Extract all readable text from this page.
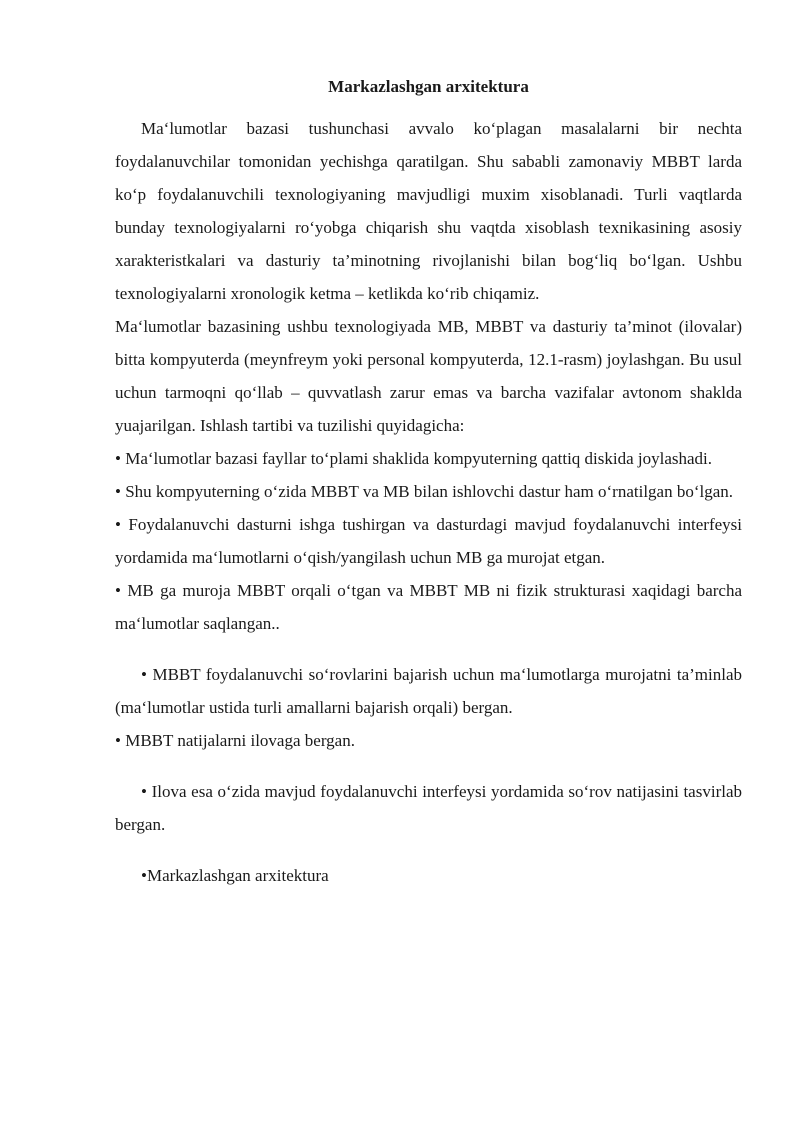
Markazlashgan arxitektura

Ma‘lumotlar bazasi tushunchasi avvalo ko‘plagan masalalarni bir nechta foydalanuvchilar tomonidan yechishga qaratilgan. Shu sababli zamonaviy MBBT larda ko‘p foydalanuvchili texnologiyaning mavjudligi muxim xisoblanadi. Turli vaqtlarda bunday texnologiyalarni ro‘yobga chiqarish shu vaqtda xisoblash texnikasining asosiy xarakteristkalari va dasturiy ta’minotning rivojlanishi bilan bog‘liq bo‘lgan. Ushbu texnologiyalarni xronologik ketma – ketlikda ko‘rib chiqamiz.

Ma‘lumotlar bazasining ushbu texnologiyada MB, MBBT va dasturiy ta’minot (ilovalar) bitta kompyuterda (meynfreym yoki personal kompyuterda, 12.1-rasm) joylashgan. Bu usul uchun tarmoqni qo‘llab – quvvatlash zarur emas va barcha vazifalar avtonom shaklda yuajarilgan. Ishlash tartibi va tuzilishi quyidagicha:

• Ma‘lumotlar bazasi fayllar to‘plami shaklida kompyuterning qattiq diskida joylashadi.

• Shu kompyuterning o‘zida MBBT va MB bilan ishlovchi dastur ham o‘rnatilgan bo‘lgan.

• Foydalanuvchi dasturni ishga tushirgan va dasturdagi mavjud foydalanuvchi interfeysi yordamida ma‘lumotlarni o‘qish/yangilash uchun MB ga murojat etgan.

• MB ga muroja MBBT orqali o‘tgan va MBBT MB ni fizik strukturasi xaqidagi barcha ma‘lumotlar saqlangan..

• MBBT foydalanuvchi so‘rovlarini bajarish uchun ma‘lumotlarga murojatni ta’minlab (ma‘lumotlar ustida turli amallarni bajarish orqali) bergan.

• MBBT natijalarni ilovaga bergan.

• Ilova esa o‘zida mavjud foydalanuvchi interfeysi yordamida so‘rov natijasini tasvirlab bergan.

•Markazlashgan arxitektura
